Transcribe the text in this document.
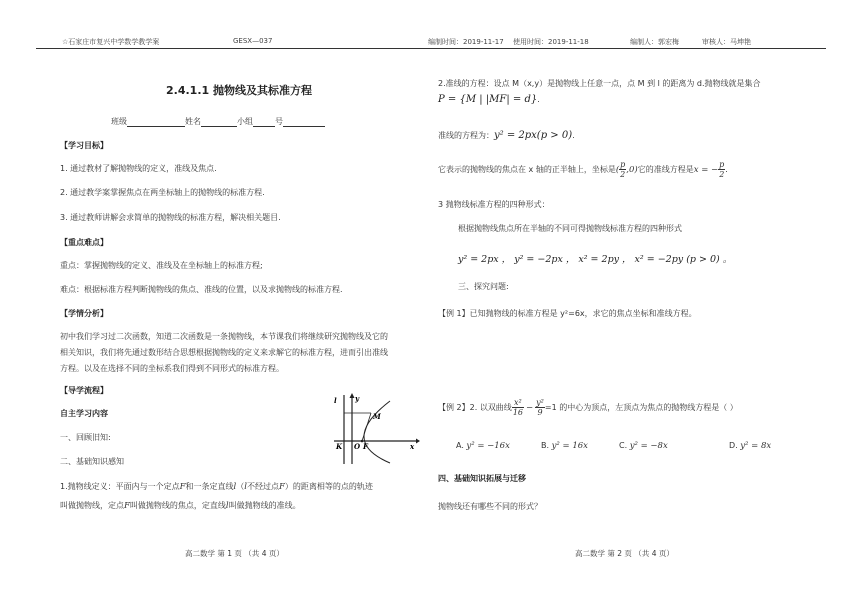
☆石家庄市复兴中学数学教学案	GESX—037	编制时间：2019-11-17 使用时间：2019-11-18	编制人：郭宏梅	审核人：马坤艳
2.4.1.1 抛物线及其标准方程
班级	姓名	小组	号
【学习目标】
1. 通过教材了解抛物线的定义，准线及焦点.
2. 通过教学案掌握焦点在两坐标轴上的抛物线的标准方程.
3. 通过教师讲解会求简单的抛物线的标准方程，解决相关题目.
【重点难点】
重点：掌握抛物线的定义、准线及在坐标轴上的标准方程;
难点：根据标准方程判断抛物线的焦点、准线的位置，以及求抛物线的标准方程.
【学情分析】
初中我们学习过二次函数，知道二次函数是一条抛物线，本节课我们将继续研究抛物线及它的
相关知识，我们将先通过数形结合思想根据抛物线的定义来求解它的标准方程，进而引出准线
方程。以及在选择不同的坐标系我们得到不同形式的标准方程。
【导学流程】
自主学习内容
一、回顾旧知:
二、基础知识感知
1.抛物线定义：平面内与一个定点F和一条定直线l（l不经过点F）的距离相等的点的轨迹
叫做抛物线，定点F叫做抛物线的焦点，定直线l叫做抛物线的准线。
l	y
M
K O F	x
2.准线的方程：设点 M（x,y）是抛物线上任意一点，点 M 到 l 的距离为 d.抛物线就是集合
P = {M | |MF| = d}.
准线的方程为：y² = 2px(p > 0).
它表示的抛物线的焦点在 x 轴的正半轴上，坐标是( $\frac{p}{2} ,0$)它的准线方程是x = − $\frac{p}{2}$ .
3 抛物线标准方程的四种形式：
根据抛物线焦点所在半轴的不同可得抛物线标准方程的四种形式
y² = 2px ， y² = −2px ， x² = 2py ， x² = −2py (p > 0) 。
三、探究问题:
【例 1】已知抛物线的标准方程是 y²=6x，求它的焦点坐标和准线方程。
【例 2】2. 以双曲线 $\frac{\text{x²}}{16} - \frac{\text{y²}}{9} =1$ 的中心为顶点，左顶点为焦点的抛物线方程是（ ）
A. y² = −16x	B. y² = 16x	C. y² = −8x	D. y² = 8x
四、基础知识拓展与迁移
抛物线还有哪些不同的形式？
高二数学 第 1 页 （共 4 页）	高二数学 第 2 页 （共 4 页）
